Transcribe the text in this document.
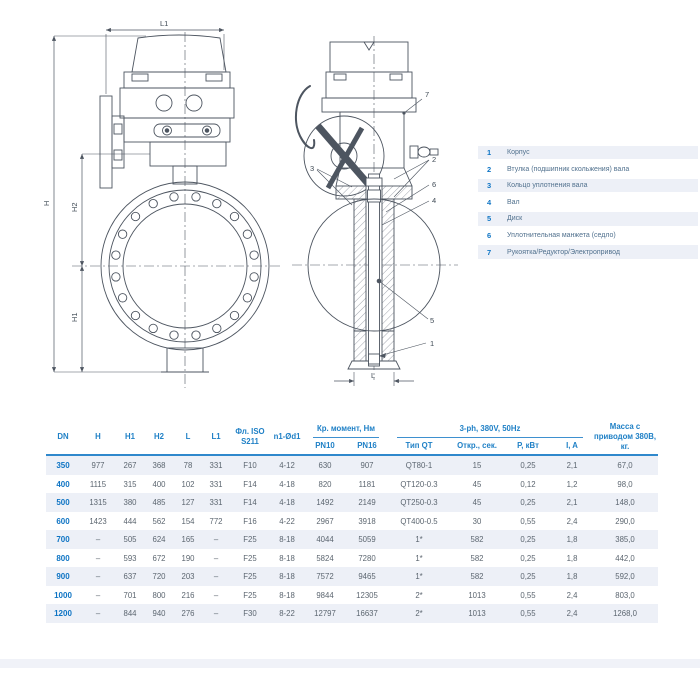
L1
H	H2
H1
L
7
3
2
6
4
5
1
1	Корпус
2	Втулка (подшипник скольжения) вала
3	Кольцо уплотнения вала
4	Вал
5	Диск
6	Уплотнительная манжета (седло)
7	Рукоятка/Редуктор/Электропривод
DN	H	H1	H2	L	L1	Фл. ISO S211	n1-Ød1	Кр. момент, Нм		3-ph, 380V, 50Hz				Масса с приводом 380В, кг.
								PN10	PN16	Тип QT	Откр., сек.	P, кВт	I, A	
350	977	267	368	78	331	F10	4-12	630	907	QT80-1	15	0,25	2,1	67,0
400	1115	315	400	102	331	F14	4-18	820	1181	QT120-0.3	45	0,12	1,2	98,0
500	1315	380	485	127	331	F14	4-18	1492	2149	QT250-0.3	45	0,25	2,1	148,0
600	1423	444	562	154	772	F16	4-22	2967	3918	QT400-0.5	30	0,55	2,4	290,0
700	–	505	624	165	–	F25	8-18	4044	5059	1*	582	0,25	1,8	385,0
800	–	593	672	190	–	F25	8-18	5824	7280	1*	582	0,25	1,8	442,0
900	–	637	720	203	–	F25	8-18	7572	9465	1*	582	0,25	1,8	592,0
1000	–	701	800	216	–	F25	8-18	9844	12305	2*	1013	0,55	2,4	803,0
1200	–	844	940	276	–	F30	8-22	12797	16637	2*	1013	0,55	2,4	1268,0
